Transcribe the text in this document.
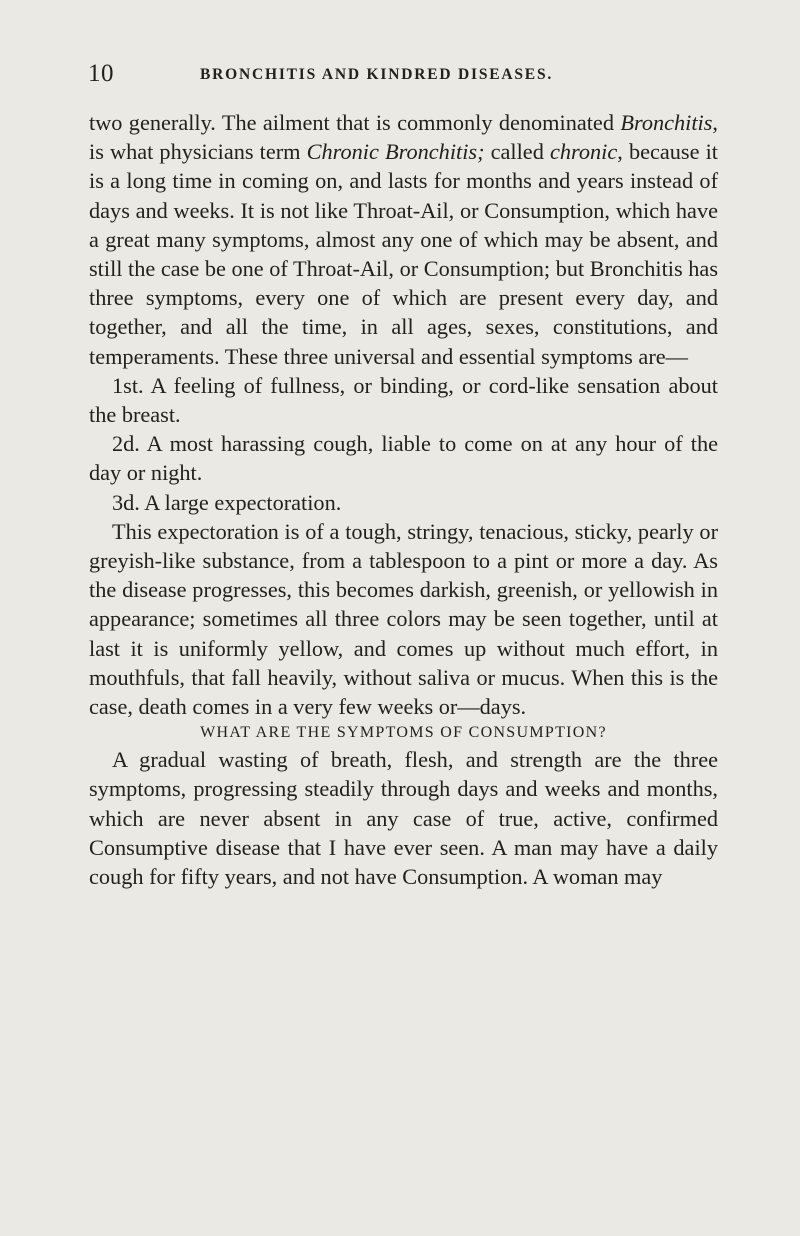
10	BRONCHITIS AND KINDRED DISEASES.

two generally. The ailment that is commonly denominated Bronchitis, is what physicians term Chronic Bronchitis; called chronic, because it is a long time in coming on, and lasts for months and years instead of days and weeks. It is not like Throat-Ail, or Consumption, which have a great many symptoms, almost any one of which may be absent, and still the case be one of Throat-Ail, or Consumption; but Bronchitis has three symptoms, every one of which are present every day, and together, and all the time, in all ages, sexes, constitutions, and temperaments. These three universal and essential symptoms are—

1st. A feeling of fullness, or binding, or cord-like sensation about the breast.

2d. A most harassing cough, liable to come on at any hour of the day or night.

3d. A large expectoration.

This expectoration is of a tough, stringy, tenacious, sticky, pearly or greyish-like substance, from a tablespoon to a pint or more a day. As the disease progresses, this becomes darkish, greenish, or yellowish in appearance; sometimes all three colors may be seen together, until at last it is uniformly yellow, and comes up without much effort, in mouthfuls, that fall heavily, without saliva or mucus. When this is the case, death comes in a very few weeks or—days.

WHAT ARE THE SYMPTOMS OF CONSUMPTION?

A gradual wasting of breath, flesh, and strength are the three symptoms, progressing steadily through days and weeks and months, which are never absent in any case of true, active, confirmed Consumptive disease that I have ever seen. A man may have a daily cough for fifty years, and not have Consumption. A woman may
